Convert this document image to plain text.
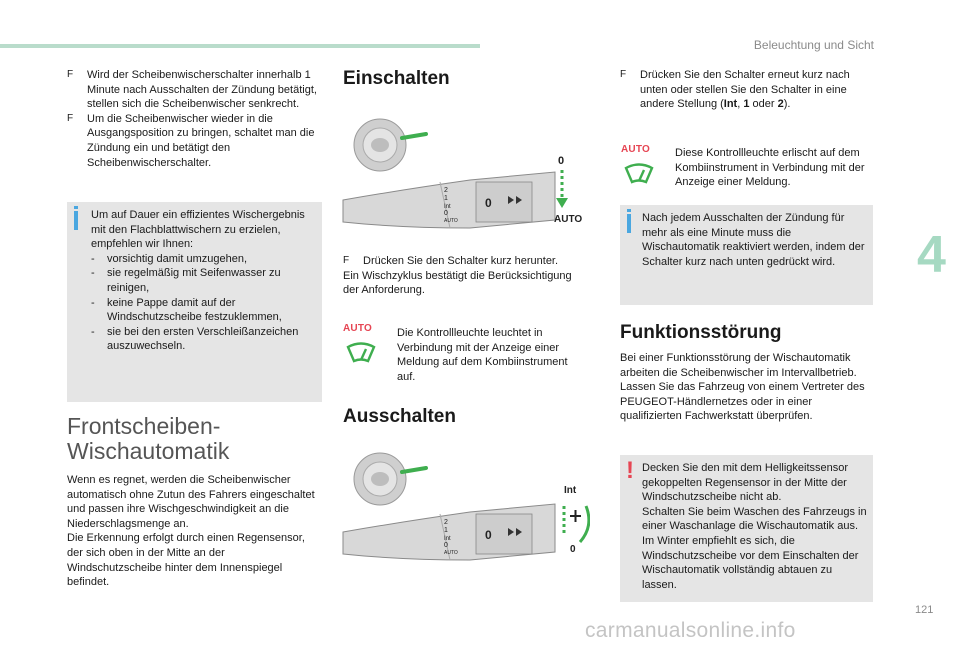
Beleuchtung und Sicht
4
121
carmanualsonline.info
F Wird der Scheibenwischerschalter innerhalb 1 Minute nach Ausschalten der Zündung betätigt, stellen sich die Scheibenwischer senkrecht.
F Um die Scheibenwischer wieder in die Ausgangsposition zu bringen, schaltet man die Zündung ein und betätigt den Scheibenwischerschalter.
Um auf Dauer ein effizientes Wischergebnis mit den Flachblattwischern zu erzielen, empfehlen wir Ihnen:
- vorsichtig damit umzugehen,
- sie regelmäßig mit Seifenwasser zu reinigen,
- keine Pappe damit auf der Windschutzscheibe festzuklemmen,
- sie bei den ersten Verschleißanzeichen auszuwechseln.
Frontscheiben-
Wischautomatik
Wenn es regnet, werden die Scheibenwischer automatisch ohne Zutun des Fahrers eingeschaltet und passen ihre Wischgeschwindigkeit an die Niederschlagsmenge an.
Die Erkennung erfolgt durch einen Regensensor, der sich oben in der Mitte an der Windschutzscheibe hinter dem Innenspiegel befindet.
Einschalten
2
1
Int
0
AUTO
0
0
AUTO
F Drücken Sie den Schalter kurz herunter.
Ein Wischzyklus bestätigt die Berücksichtigung der Anforderung.
AUTO Die Kontrollleuchte leuchtet in Verbindung mit der Anzeige einer Meldung auf dem Kombiinstrument auf.
Ausschalten
2
1
Int
0
AUTO
0
Int
0
F Drücken Sie den Schalter erneut kurz nach unten oder stellen Sie den Schalter in eine andere Stellung (Int, 1 oder 2).
AUTO Diese Kontrollleuchte erlischt auf dem Kombiinstrument in Verbindung mit der Anzeige einer Meldung.
Nach jedem Ausschalten der Zündung für mehr als eine Minute muss die Wischautomatik reaktiviert werden, indem der Schalter kurz nach unten gedrückt wird.
Funktionsstörung
Bei einer Funktionsstörung der Wischautomatik arbeiten die Scheibenwischer im Intervallbetrieb. Lassen Sie das Fahrzeug von einem Vertreter des PEUGEOT-Händlernetzes oder in einer qualifizierten Fachwerkstatt überprüfen.
! Decken Sie den mit dem Helligkeitssensor gekoppelten Regensensor in der Mitte der Windschutzscheibe nicht ab.
Schalten Sie beim Waschen des Fahrzeugs in einer Waschanlage die Wischautomatik aus.
Im Winter empfiehlt es sich, die Windschutzscheibe vor dem Einschalten der Wischautomatik vollständig abtauen zu lassen.
